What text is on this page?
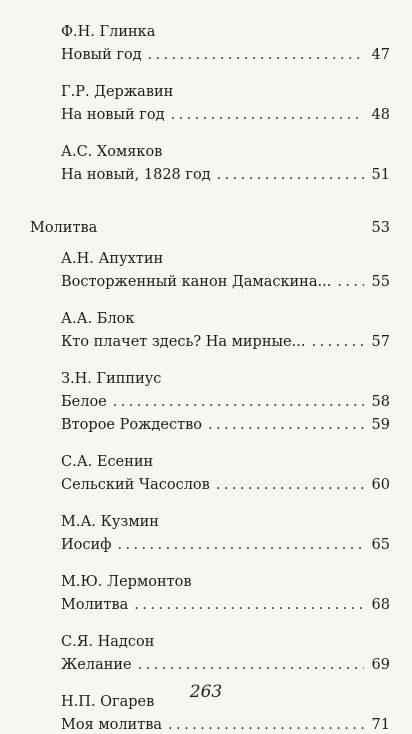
Ф.Н. Глинка
Новый год .....	47
Г.Р. Державин
На новый год .....	48
А.С. Хомяков
На новый, 1828 год .....	51
Молитва	53
А.Н. Апухтин
Восторженный канон Дамаскина... .....	55
А.А. Блок
Кто плачет здесь? На мирные... .....	57
З.Н. Гиппиус
Белое .....	58
Второе Рождество .....	59
С.А. Есенин
Сельский Часослов .....	60
М.А. Кузмин
Иосиф .....	65
М.Ю. Лермонтов
Молитва .....	68
С.Я. Надсон
Желание .....	69
Н.П. Огарев
Моя молитва .....	71
263
